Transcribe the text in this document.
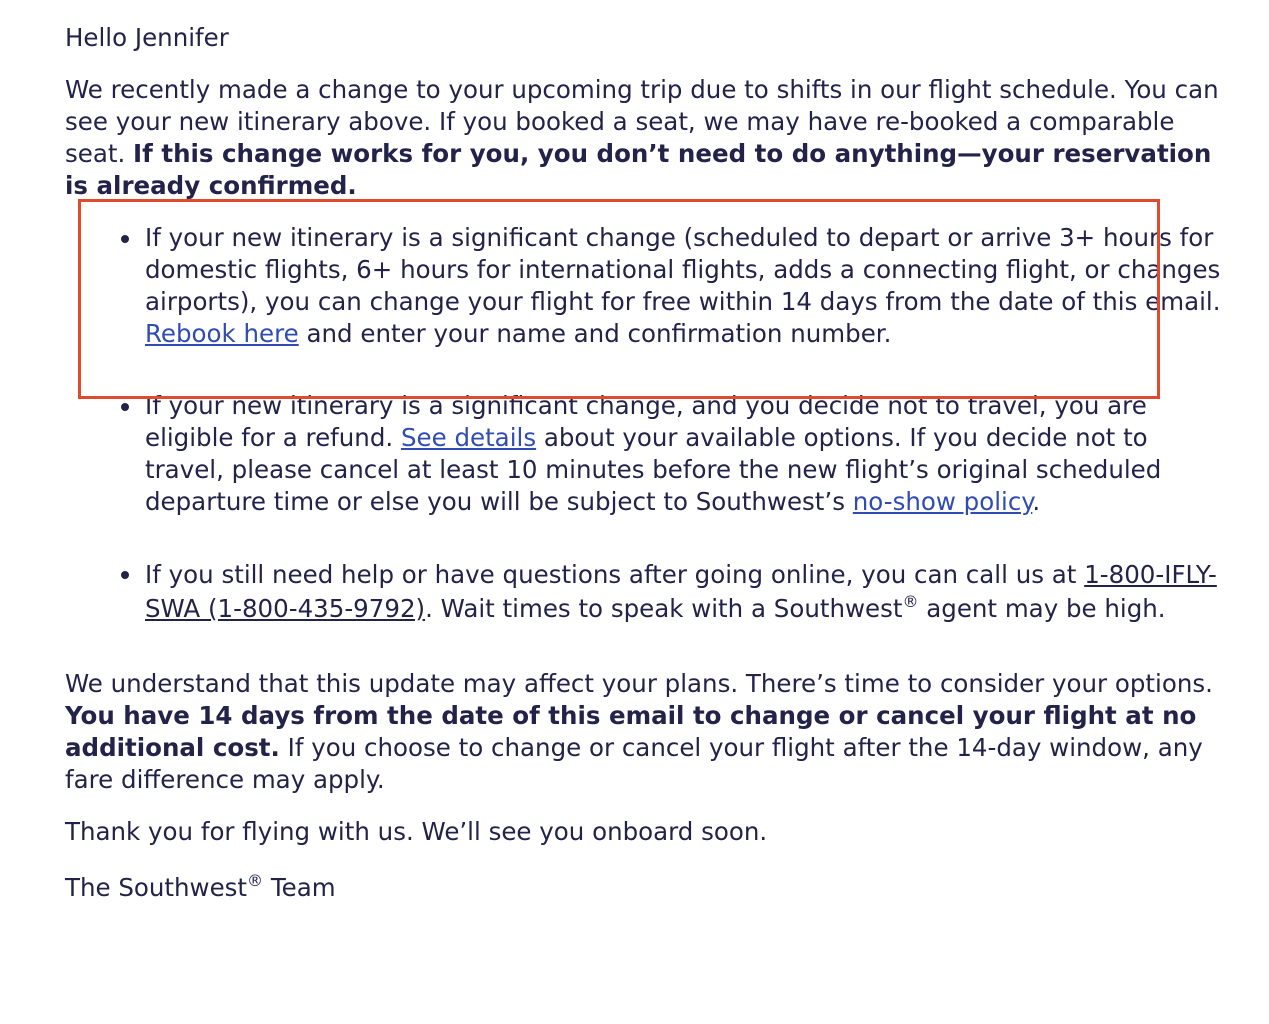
Hello Jennifer

We recently made a change to your upcoming trip due to shifts in our flight schedule. You can see your new itinerary above. If you booked a seat, we may have re-booked a comparable seat. If this change works for you, you don’t need to do anything—your reservation is already confirmed.

If your new itinerary is a significant change (scheduled to depart or arrive 3+ hours for domestic flights, 6+ hours for international flights, adds a connecting flight, or changes airports), you can change your flight for free within 14 days from the date of this email. Rebook here and enter your name and confirmation number.
If your new itinerary is a significant change, and you decide not to travel, you are eligible for a refund. See details about your available options. If you decide not to travel, please cancel at least 10 minutes before the new flight’s original scheduled departure time or else you will be subject to Southwest’s no-show policy.
If you still need help or have questions after going online, you can call us at 1-800-IFLY-SWA (1-800-435-9792). Wait times to speak with a Southwest® agent may be high.

We understand that this update may affect your plans. There’s time to consider your options. You have 14 days from the date of this email to change or cancel your flight at no additional cost. If you choose to change or cancel your flight after the 14-day window, any fare difference may apply.

Thank you for flying with us. We’ll see you onboard soon.

The Southwest® Team
